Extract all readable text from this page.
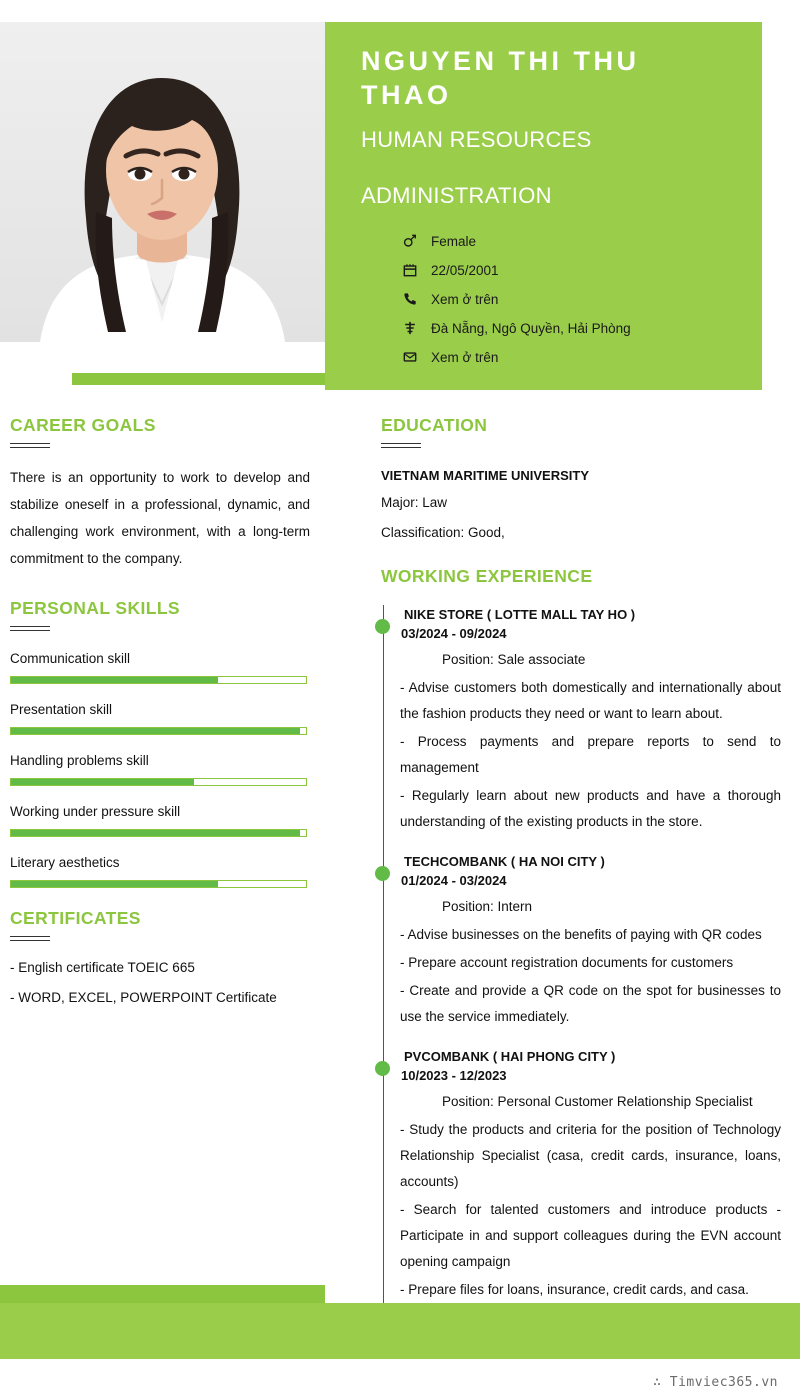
NGUYEN THI THU THAO
HUMAN RESOURCES
ADMINISTRATION
Female
22/05/2001
Xem ở trên
Đà Nẵng, Ngô Quyền, Hải Phòng
Xem ở trên
CAREER GOALS
There is an opportunity to work to develop and stabilize oneself in a professional, dynamic, and challenging work environment, with a long-term commitment to the company.
PERSONAL SKILLS
Communication skill
Presentation skill
Handling problems skill
Working under pressure skill
Literary aesthetics
CERTIFICATES
- English certificate TOEIC 665
- WORD, EXCEL, POWERPOINT Certificate
EDUCATION
VIETNAM MARITIME UNIVERSITY
Major: Law
Classification: Good,
WORKING EXPERIENCE
NIKE STORE ( LOTTE MALL TAY HO )
03/2024 - 09/2024
Position: Sale associate
- Advise customers both domestically and internationally about the fashion products they need or want to learn about.
- Process payments and prepare reports to send to management
- Regularly learn about new products and have a thorough understanding of the existing products in the store.
TECHCOMBANK ( HA NOI CITY )
01/2024 - 03/2024
Position: Intern
- Advise businesses on the benefits of paying with QR codes
- Prepare account registration documents for customers
- Create and provide a QR code on the spot for businesses to use the service immediately.
PVCOMBANK ( HAI PHONG CITY )
10/2023 - 12/2023
Position: Personal Customer Relationship Specialist
- Study the products and criteria for the position of Technology Relationship Specialist (casa, credit cards, insurance, loans, accounts)
- Search for talented customers and introduce products - Participate in and support colleagues during the EVN account opening campaign
- Prepare files for loans, insurance, credit cards, and casa.
∴ Timviec365.vn
